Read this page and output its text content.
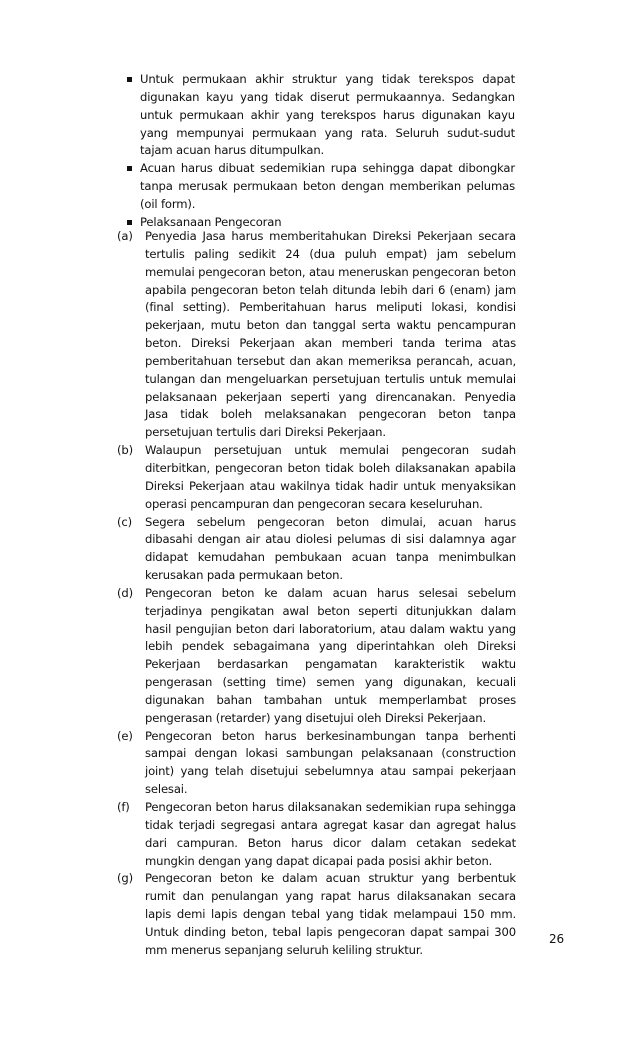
Untuk permukaan akhir struktur yang tidak terekspos dapat digunakan kayu yang tidak diserut permukaannya. Sedangkan untuk permukaan akhir yang terekspos harus digunakan kayu yang mempunyai permukaan yang rata. Seluruh sudut-sudut tajam acuan harus ditumpulkan.
Acuan harus dibuat sedemikian rupa sehingga dapat dibongkar tanpa merusak permukaan beton dengan memberikan pelumas (oil form).
Pelaksanaan Pengecoran
(a) Penyedia Jasa harus memberitahukan Direksi Pekerjaan secara tertulis paling sedikit 24 (dua puluh empat) jam sebelum memulai pengecoran beton, atau meneruskan pengecoran beton apabila pengecoran beton telah ditunda lebih dari 6 (enam) jam (final setting). Pemberitahuan harus meliputi lokasi, kondisi pekerjaan, mutu beton dan tanggal serta waktu pencampuran beton. Direksi Pekerjaan akan memberi tanda terima atas pemberitahuan tersebut dan akan memeriksa perancah, acuan, tulangan dan mengeluarkan persetujuan tertulis untuk memulai pelaksanaan pekerjaan seperti yang direncanakan. Penyedia Jasa tidak boleh melaksanakan pengecoran beton tanpa persetujuan tertulis dari Direksi Pekerjaan.
(b) Walaupun persetujuan untuk memulai pengecoran sudah diterbitkan, pengecoran beton tidak boleh dilaksanakan apabila Direksi Pekerjaan atau wakilnya tidak hadir untuk menyaksikan operasi pencampuran dan pengecoran secara keseluruhan.
(c) Segera sebelum pengecoran beton dimulai, acuan harus dibasahi dengan air atau diolesi pelumas di sisi dalamnya agar didapat kemudahan pembukaan acuan tanpa menimbulkan kerusakan pada permukaan beton.
(d) Pengecoran beton ke dalam acuan harus selesai sebelum terjadinya pengikatan awal beton seperti ditunjukkan dalam hasil pengujian beton dari laboratorium, atau dalam waktu yang lebih pendek sebagaimana yang diperintahkan oleh Direksi Pekerjaan berdasarkan pengamatan karakteristik waktu pengerasan (setting time) semen yang digunakan, kecuali digunakan bahan tambahan untuk memperlambat proses pengerasan (retarder) yang disetujui oleh Direksi Pekerjaan.
(e) Pengecoran beton harus berkesinambungan tanpa berhenti sampai dengan lokasi sambungan pelaksanaan (construction joint) yang telah disetujui sebelumnya atau sampai pekerjaan selesai.
(f) Pengecoran beton harus dilaksanakan sedemikian rupa sehingga tidak terjadi segregasi antara agregat kasar dan agregat halus dari campuran. Beton harus dicor dalam cetakan sedekat mungkin dengan yang dapat dicapai pada posisi akhir beton.
(g) Pengecoran beton ke dalam acuan struktur yang berbentuk rumit dan penulangan yang rapat harus dilaksanakan secara lapis demi lapis dengan tebal yang tidak melampaui 150 mm. Untuk dinding beton, tebal lapis pengecoran dapat sampai 300 mm menerus sepanjang seluruh keliling struktur.
26
